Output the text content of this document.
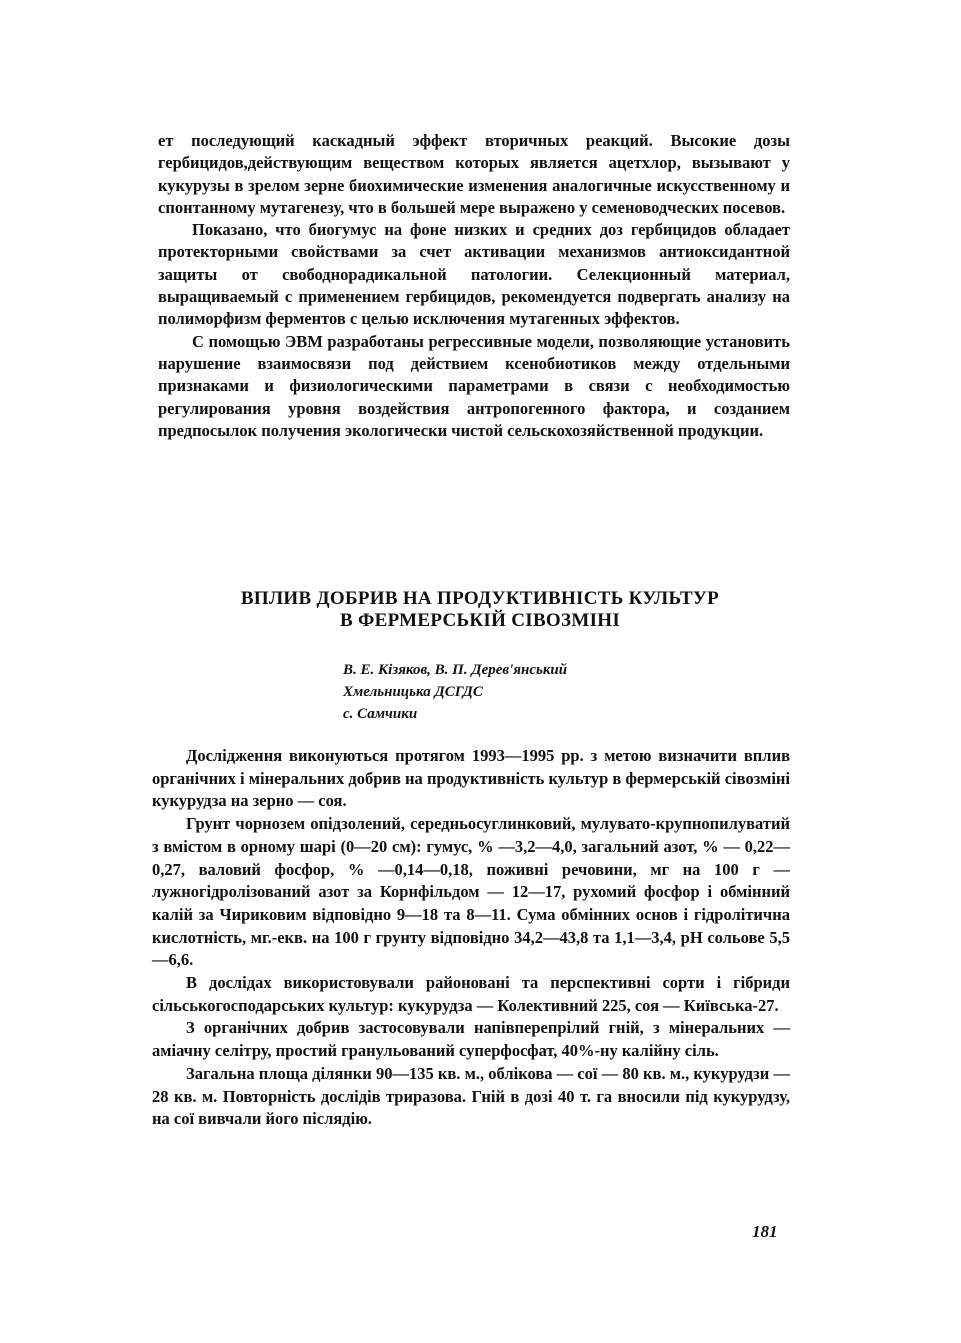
ет последующий каскадный эффект вторичных реакций. Высокие дозы гербицидов,действующим веществом которых является ацетхлор, вызывают у кукурузы в зрелом зерне биохимические изменения аналогичные искусственному и спонтанному мутагенезу, что в большей мере выражено у семеноводческих посевов.

Показано, что биогумус на фоне низких и средних доз гербицидов обладает протекторными свойствами за счет активации механизмов антиоксидантной защиты от свободнорадикальной патологии. Селекционный материал, выращиваемый с применением гербицидов, рекомендуется подвергать анализу на полиморфизм ферментов с целью исключения мутагенных эффектов.

С помощью ЭВМ разработаны регрессивные модели, позволяющие установить нарушение взаимосвязи под действием ксенобиотиков между отдельными признаками и физиологическими параметрами в связи с необходимостью регулирования уровня воздействия антропогенного фактора, и созданием предпосылок получения экологически чистой сельскохозяйственной продукции.

ВПЛИВ ДОБРИВ НА ПРОДУКТИВНІСТЬ КУЛЬТУР
В ФЕРМЕРСЬКІЙ СІВОЗМІНІ
В. Е. Кізяков, В. П. Дерев'янський
Хмельницька ДСГДС
с. Самчики

Дослідження виконуються протягом 1993—1995 рр. з метою визначити вплив органічних і мінеральних добрив на продуктивність культур в фермерській сівозміні кукурудза на зерно — соя.

Грунт чорнозем опідзолений, середньосуглинковий, мулувато-крупнопилуватий з вмістом в орному шарі (0—20 см): гумус, % —3,2—4,0, загальний азот, % — 0,22—0,27, валовий фосфор, % —0,14—0,18, поживні речовини, мг на 100 г — лужногідролізований азот за Корнфільдом — 12—17, рухомий фосфор і обмінний калій за Чириковим відповідно 9—18 та 8—11. Сума обмінних основ і гідролітична кислотність, мг.-екв. на 100 г грунту відповідно 34,2—43,8 та 1,1—3,4, pH сольове 5,5—6,6.

В дослідах використовували районовані та перспективні сорти і гібриди сільськогосподарських культур: кукурудза — Колективний 225, соя — Київська-27.

З органічних добрив застосовували напівперепрілий гній, з мінеральних — аміачну селітру, простий гранульований суперфосфат, 40%-ну калійну сіль.

Загальна площа ділянки 90—135 кв. м., облікова — сої — 80 кв. м., кукурудзи — 28 кв. м. Повторність дослідів триразова. Гній в дозі 40 т. га вносили під кукурудзу, на сої вивчали його післядію.

181
